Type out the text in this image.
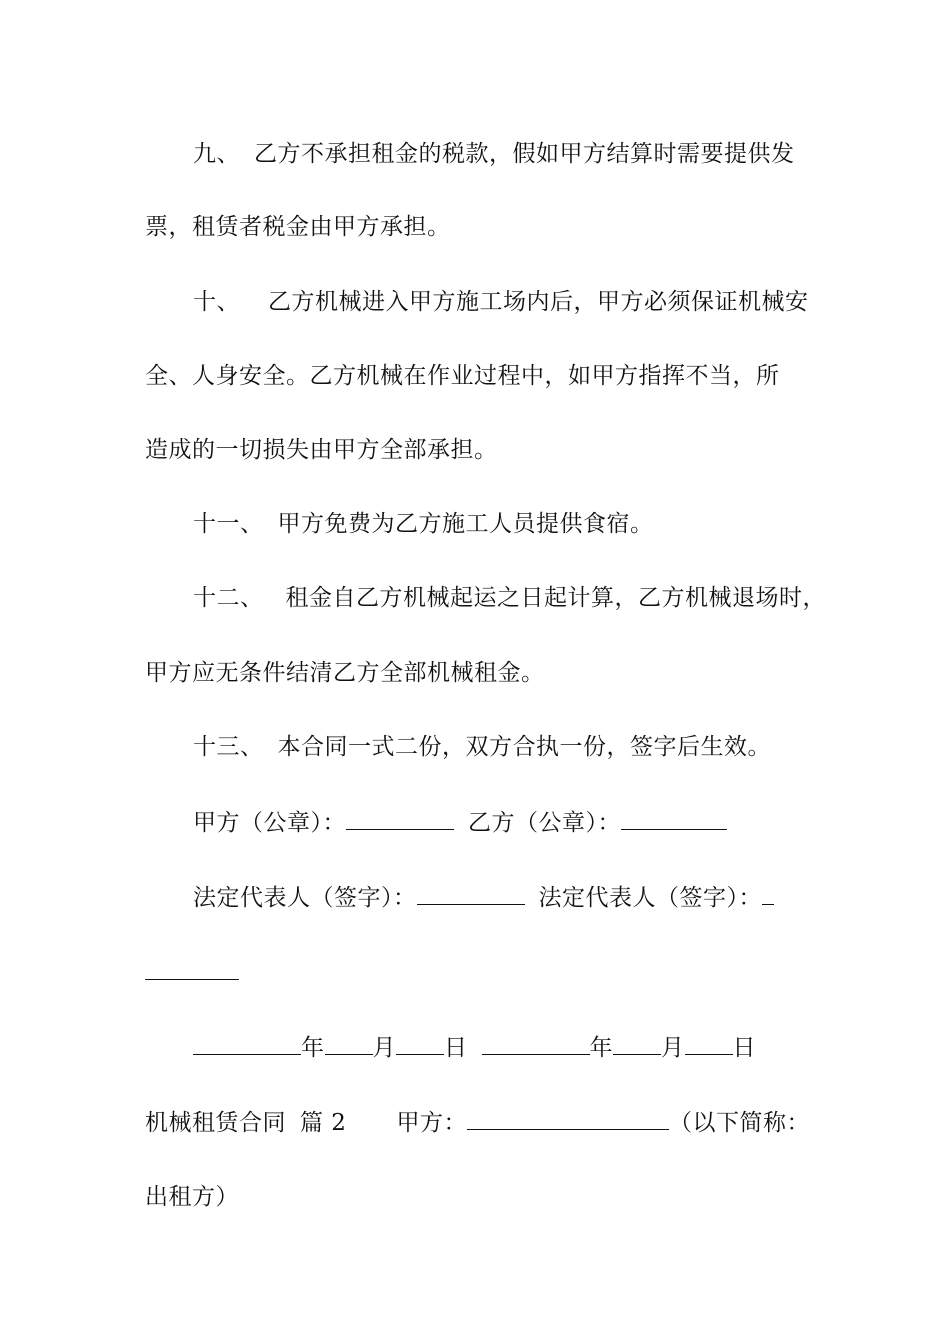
九、 乙方不承担租金的税款，假如甲方结算时需要提供发
票，租赁者税金由甲方承担。
十、 乙方机械进入甲方施工场内后，甲方必须保证机械安
全、人身安全。乙方机械在作业过程中，如甲方指挥不当，所
造成的一切损失由甲方全部承担。
十一、 甲方免费为乙方施工人员提供食宿。
十二、 租金自乙方机械起运之日起计算，乙方机械退场时，
甲方应无条件结清乙方全部机械租金。
十三、 本合同一式二份，双方合执一份，签字后生效。
甲方（公章）：	乙方（公章）：
法定代表人（签字）：	法定代表人（签字）：
年 月 日	年 月 日
机械租赁合同 篇 2 甲方：	（以下简称：
出租方）
